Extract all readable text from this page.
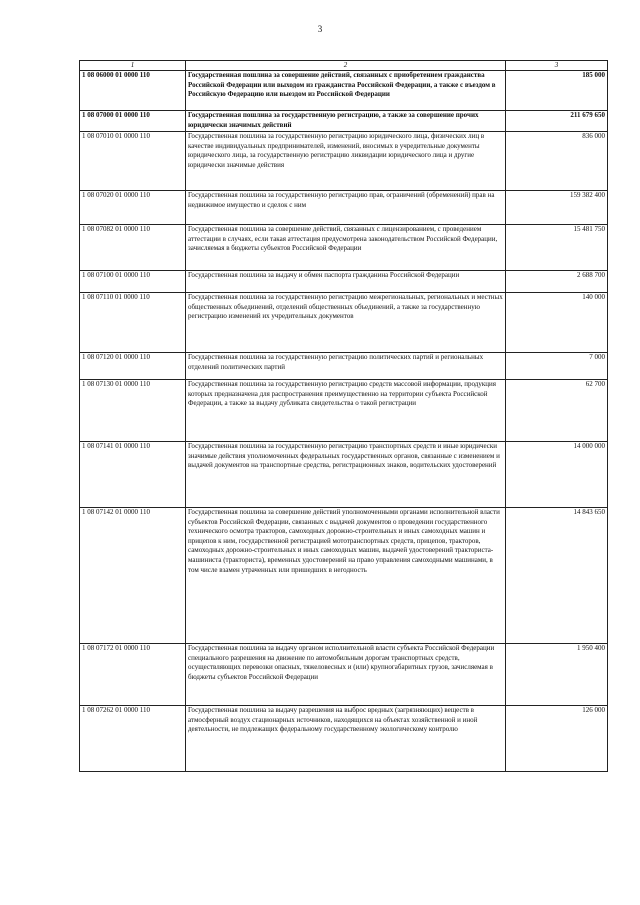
3
1	2	3
1 08 06000 01 0000 110	Государственная пошлина за совершение действий, связанных с приобретением гражданства Российской Федерации или выходом из гражданства Российской Федерации, а также с въездом в Российскую Федерацию или выездом из Российской Федерации	185 000
1 08 07000 01 0000 110	Государственная пошлина за государственную регистрацию, а также за совершение прочих юридически значимых действий	211 679 650
1 08 07010 01 0000 110	Государственная пошлина за государственную регистрацию юридического лица, физических лиц в качестве индивидуальных предпринимателей, изменений, вносимых в учредительные документы юридического лица, за государственную регистрацию ликвидации юридического лица и другие юридически значимые действия	836 000
1 08 07020 01 0000 110	Государственная пошлина за государственную регистрацию прав, ограничений (обременений) прав на недвижимое имущество и сделок с ним	159 382 400
1 08 07082 01 0000 110	Государственная пошлина за совершение действий, связанных с лицензированием, с проведением аттестации в случаях, если такая аттестация предусмотрена законодательством Российской Федерации, зачисляемая в бюджеты субъектов Российской Федерации	15 481 750
1 08 07100 01 0000 110	Государственная пошлина за выдачу и обмен паспорта гражданина Российской Федерации	2 688 700
1 08 07110 01 0000 110	Государственная пошлина за государственную регистрацию межрегиональных, региональных и местных общественных объединений, отделений общественных объединений, а также за государственную регистрацию изменений их учредительных документов	140 000
1 08 07120 01 0000 110	Государственная пошлина за государственную регистрацию политических партий и региональных отделений политических партий	7 000
1 08 07130 01 0000 110	Государственная пошлина за государственную регистрацию средств массовой информации, продукция которых предназначена для распространения преимущественно на территории субъекта Российской Федерации, а также за выдачу дубликата свидетельства о такой регистрации	62 700
1 08 07141 01 0000 110	Государственная пошлина за государственную регистрацию транспортных средств и иные юридически значимые действия уполномоченных федеральных государственных органов, связанные с изменением и выдачей документов на транспортные средства, регистрационных знаков, водительских удостоверений	14 000 000
1 08 07142 01 0000 110	Государственная пошлина за совершение действий уполномоченными органами исполнительной власти субъектов Российской Федерации, связанных с выдачей документов о проведении государственного технического осмотра тракторов, самоходных дорожно-строительных и иных самоходных машин и прицепов к ним, государственной регистрацией мототранспортных средств, прицепов, тракторов, самоходных дорожно-строительных и иных самоходных машин, выдачей удостоверений тракториста-машиниста (тракториста), временных удостоверений на право управления самоходными машинами, в том числе взамен утраченных или пришедших в негодность	14 843 650
1 08 07172 01 0000 110	Государственная пошлина за выдачу органом исполнительной власти субъекта Российской Федерации специального разрешения на движение по автомобильным дорогам транспортных средств, осуществляющих перевозки опасных, тяжеловесных и (или) крупногабаритных грузов, зачисляемая в бюджеты субъектов Российской Федерации	1 950 400
1 08 07262 01 0000 110	Государственная пошлина за выдачу разрешения на выброс вредных (загрязняющих) веществ в атмосферный воздух стационарных источников, находящихся на объектах хозяйственной и иной деятельности, не подлежащих федеральному государственному экологическому контролю	126 000
